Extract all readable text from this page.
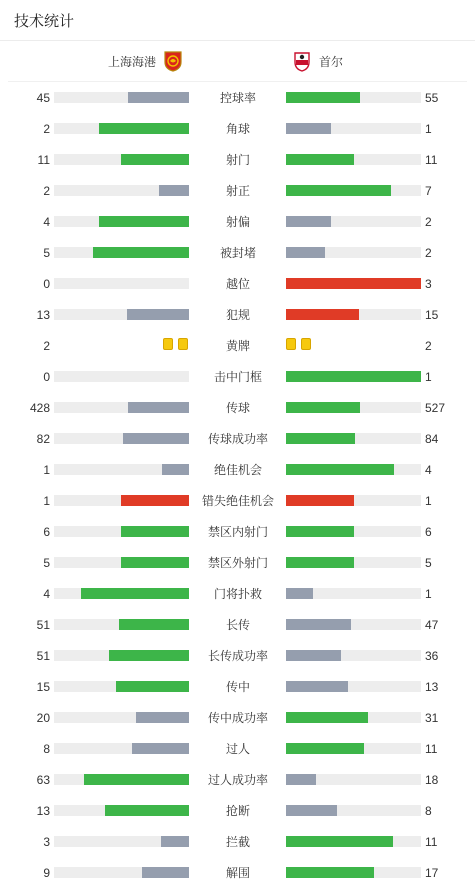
技术统计
上海海港	首尔
45	控球率	55
2	角球	1
11	射门	11
2	射正	7
4	射偏	2
5	被封堵	2
0	越位	3
13	犯规	15
2	黄牌	2
0	击中门框	1
428	传球	527
82	传球成功率	84
1	绝佳机会	4
1	错失绝佳机会	1
6	禁区内射门	6
5	禁区外射门	5
4	门将扑救	1
51	长传	47
51	长传成功率	36
15	传中	13
20	传中成功率	31
8	过人	11
63	过人成功率	18
13	抢断	8
3	拦截	11
9	解围	17
